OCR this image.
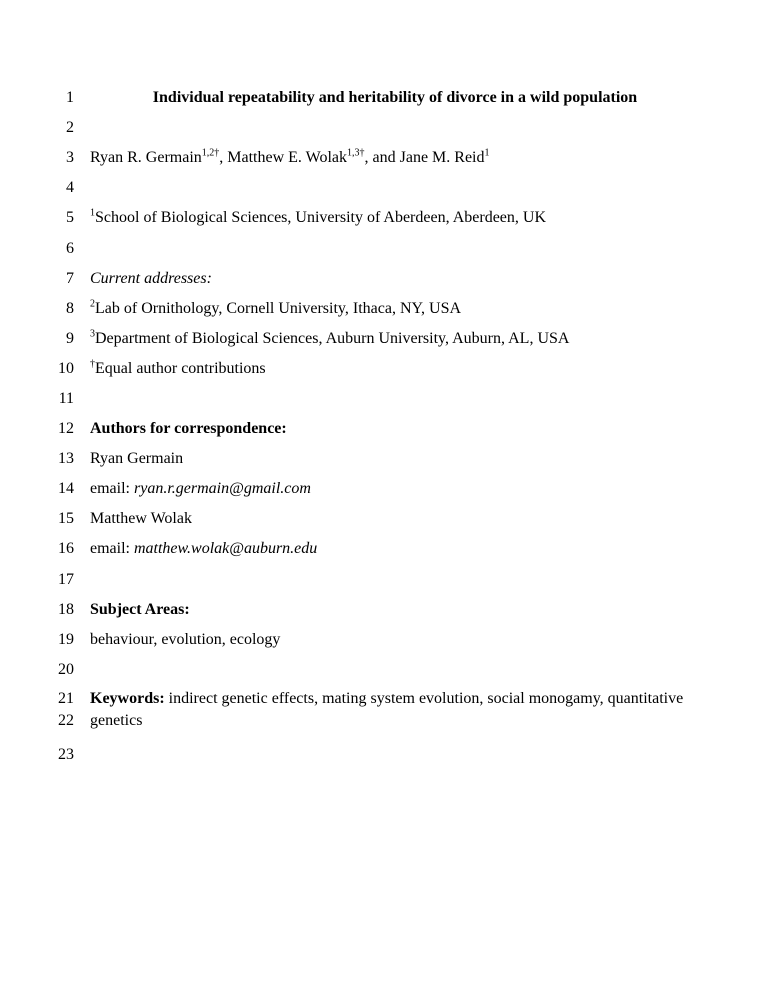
1	Individual repeatability and heritability of divorce in a wild population
2
3 Ryan R. Germain$^{1,2\dagger}$, Matthew E. Wolak$^{1,3\dagger}$, and Jane M. Reid$^1$
4
5 $^1$School of Biological Sciences, University of Aberdeen, Aberdeen, UK
6
7 Current addresses:
8 $^2$Lab of Ornithology, Cornell University, Ithaca, NY, USA
9 $^3$Department of Biological Sciences, Auburn University, Auburn, AL, USA
10 †Equal author contributions
11
12 Authors for correspondence:
13 Ryan Germain
14 email: ryan.r.germain@gmail.com
15 Matthew Wolak
16 email: matthew.wolak@auburn.edu
17
18 Subject Areas:
19 behaviour, evolution, ecology
20
21
22
Keywords: indirect genetic effects, mating system evolution, social monogamy, quantitative
genetics
23
